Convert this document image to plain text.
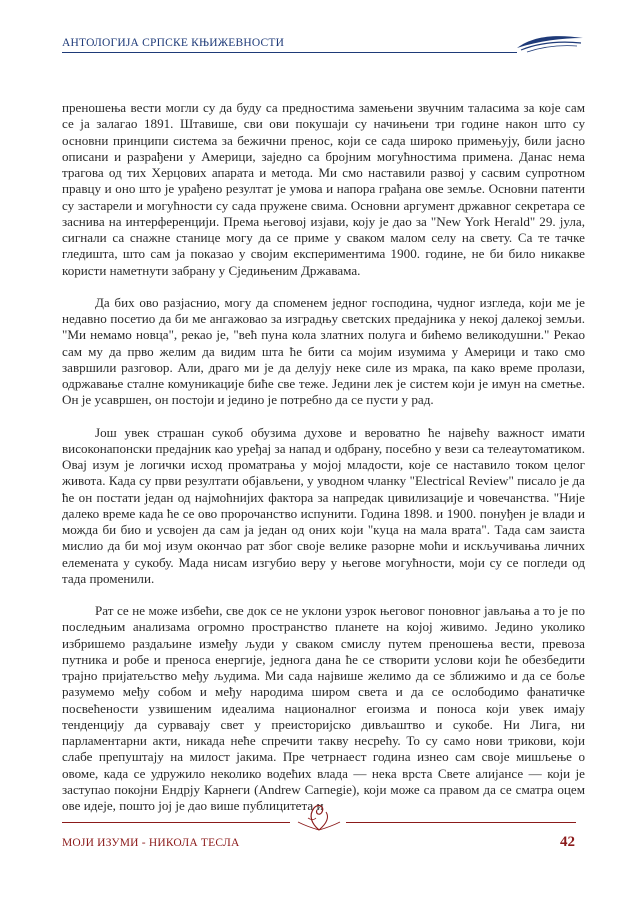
АНТОЛОГИЈА СРПСКЕ КЊИЖЕВНОСТИ

преношења вести могли су да буду са предностима замењени звучним таласима за које сам се ја залагао 1891. Штавише, сви ови покушаји су начињени три године након што су основни принципи система за бежични пренос, који се сада широко примењују, били јасно описани и разрађени у Америци, заједно са бројним могућностима примена. Данас нема трагова од тих Херцових апарата и метода. Ми смо наставили развој у сасвим супротном правцу и оно што је урађено резултат је умова и напора грађана ове земље. Основни патенти су застарели и могућности су сада пружене свима. Основни аргумент државног секретара се заснива на интерференцији. Према његовој изјави, коју је дао за "New York Herald" 29. јула, сигнали са снажне станице могу да се приме у сваком малом селу на свету. Са те тачке гледишта, што сам ја показао у својим експериментима 1900. године, не би било никакве користи наметнути забрану у Сједињеним Државама.

Да бих ово разјаснио, могу да споменем једног господина, чудног изгледа, који ме је недавно посетио да би ме ангажовао за изградњу светских предајника у некој далекој земљи. "Ми немамо новца", рекао је, "већ пуна кола златних полуга и бићемо великодушни." Рекао сам му да прво желим да видим шта ће бити са мојим изумима у Америци и тако смо завршили разговор. Али, драго ми је да делују неке силе из мрака, па како време пролази, одржавање сталне комуникације биће све теже. Једини лек је систем који је имун на сметње. Он је усавршен, он постоји и једино је потребно да се пусти у рад.

Још увек страшан сукоб обузима духове и вероватно ће највећу важност имати високонапонски предајник као уређај за напад и одбрану, посебно у вези са телеаутоматиком. Овај изум је логички исход проматрања у мојој младости, које се наставило током целог живота. Када су први резултати објављени, у уводном чланку "Electrical Review" писало је да ће он постати један од најмоћнијих фактора за напредак цивилизације и човечанства. "Није далеко време када ће се ово пророчанство испунити. Година 1898. и 1900. понуђен је влади и можда би био и усвојен да сам ја један од оних који "куца на мала врата". Тада сам заиста мислио да би мој изум окончао рат због своје велике разорне моћи и искључивања личних елемената у сукобу. Мада нисам изгубио веру у његове могућности, моји су се погледи од тада променили.

Рат се не може избећи, све док се не уклони узрок његовог поновног јављања а то је по последњим анализама огромно пространство планете на којој живимо. Једино уколико избришемо раздаљине између људи у сваком смислу путем преношења вести, превоза путника и робе и преноса енергије, једнога дана ће се створити услови који ће обезбедити трајно пријатељство међу људима. Ми сада највише желимо да се зближимо и да се боље разумемо међу собом и међу народима широм света и да се ослободимо фанатичке посвећености узвишеним идеалима националног егоизма и поноса који увек имају тенденцију да сурвавају свет у преисторијско дивљаштво и сукобе. Ни Лига, ни парламентарни акти, никада неће спречити такву несрећу. То су само нови трикови, који слабе препуштају на милост јакима. Пре четрнаест година изнео сам своје мишљење о овоме, када се удружило неколико водећих влада — нека врста Свете алијансе — који је заступао покојни Ендрју Карнеги (Andrew Carnegie), који може са правом да се сматра оцем ове идеје, пошто јој је дао више публицитета и

МОЈИ ИЗУМИ - НИКОЛА ТЕСЛА	42
